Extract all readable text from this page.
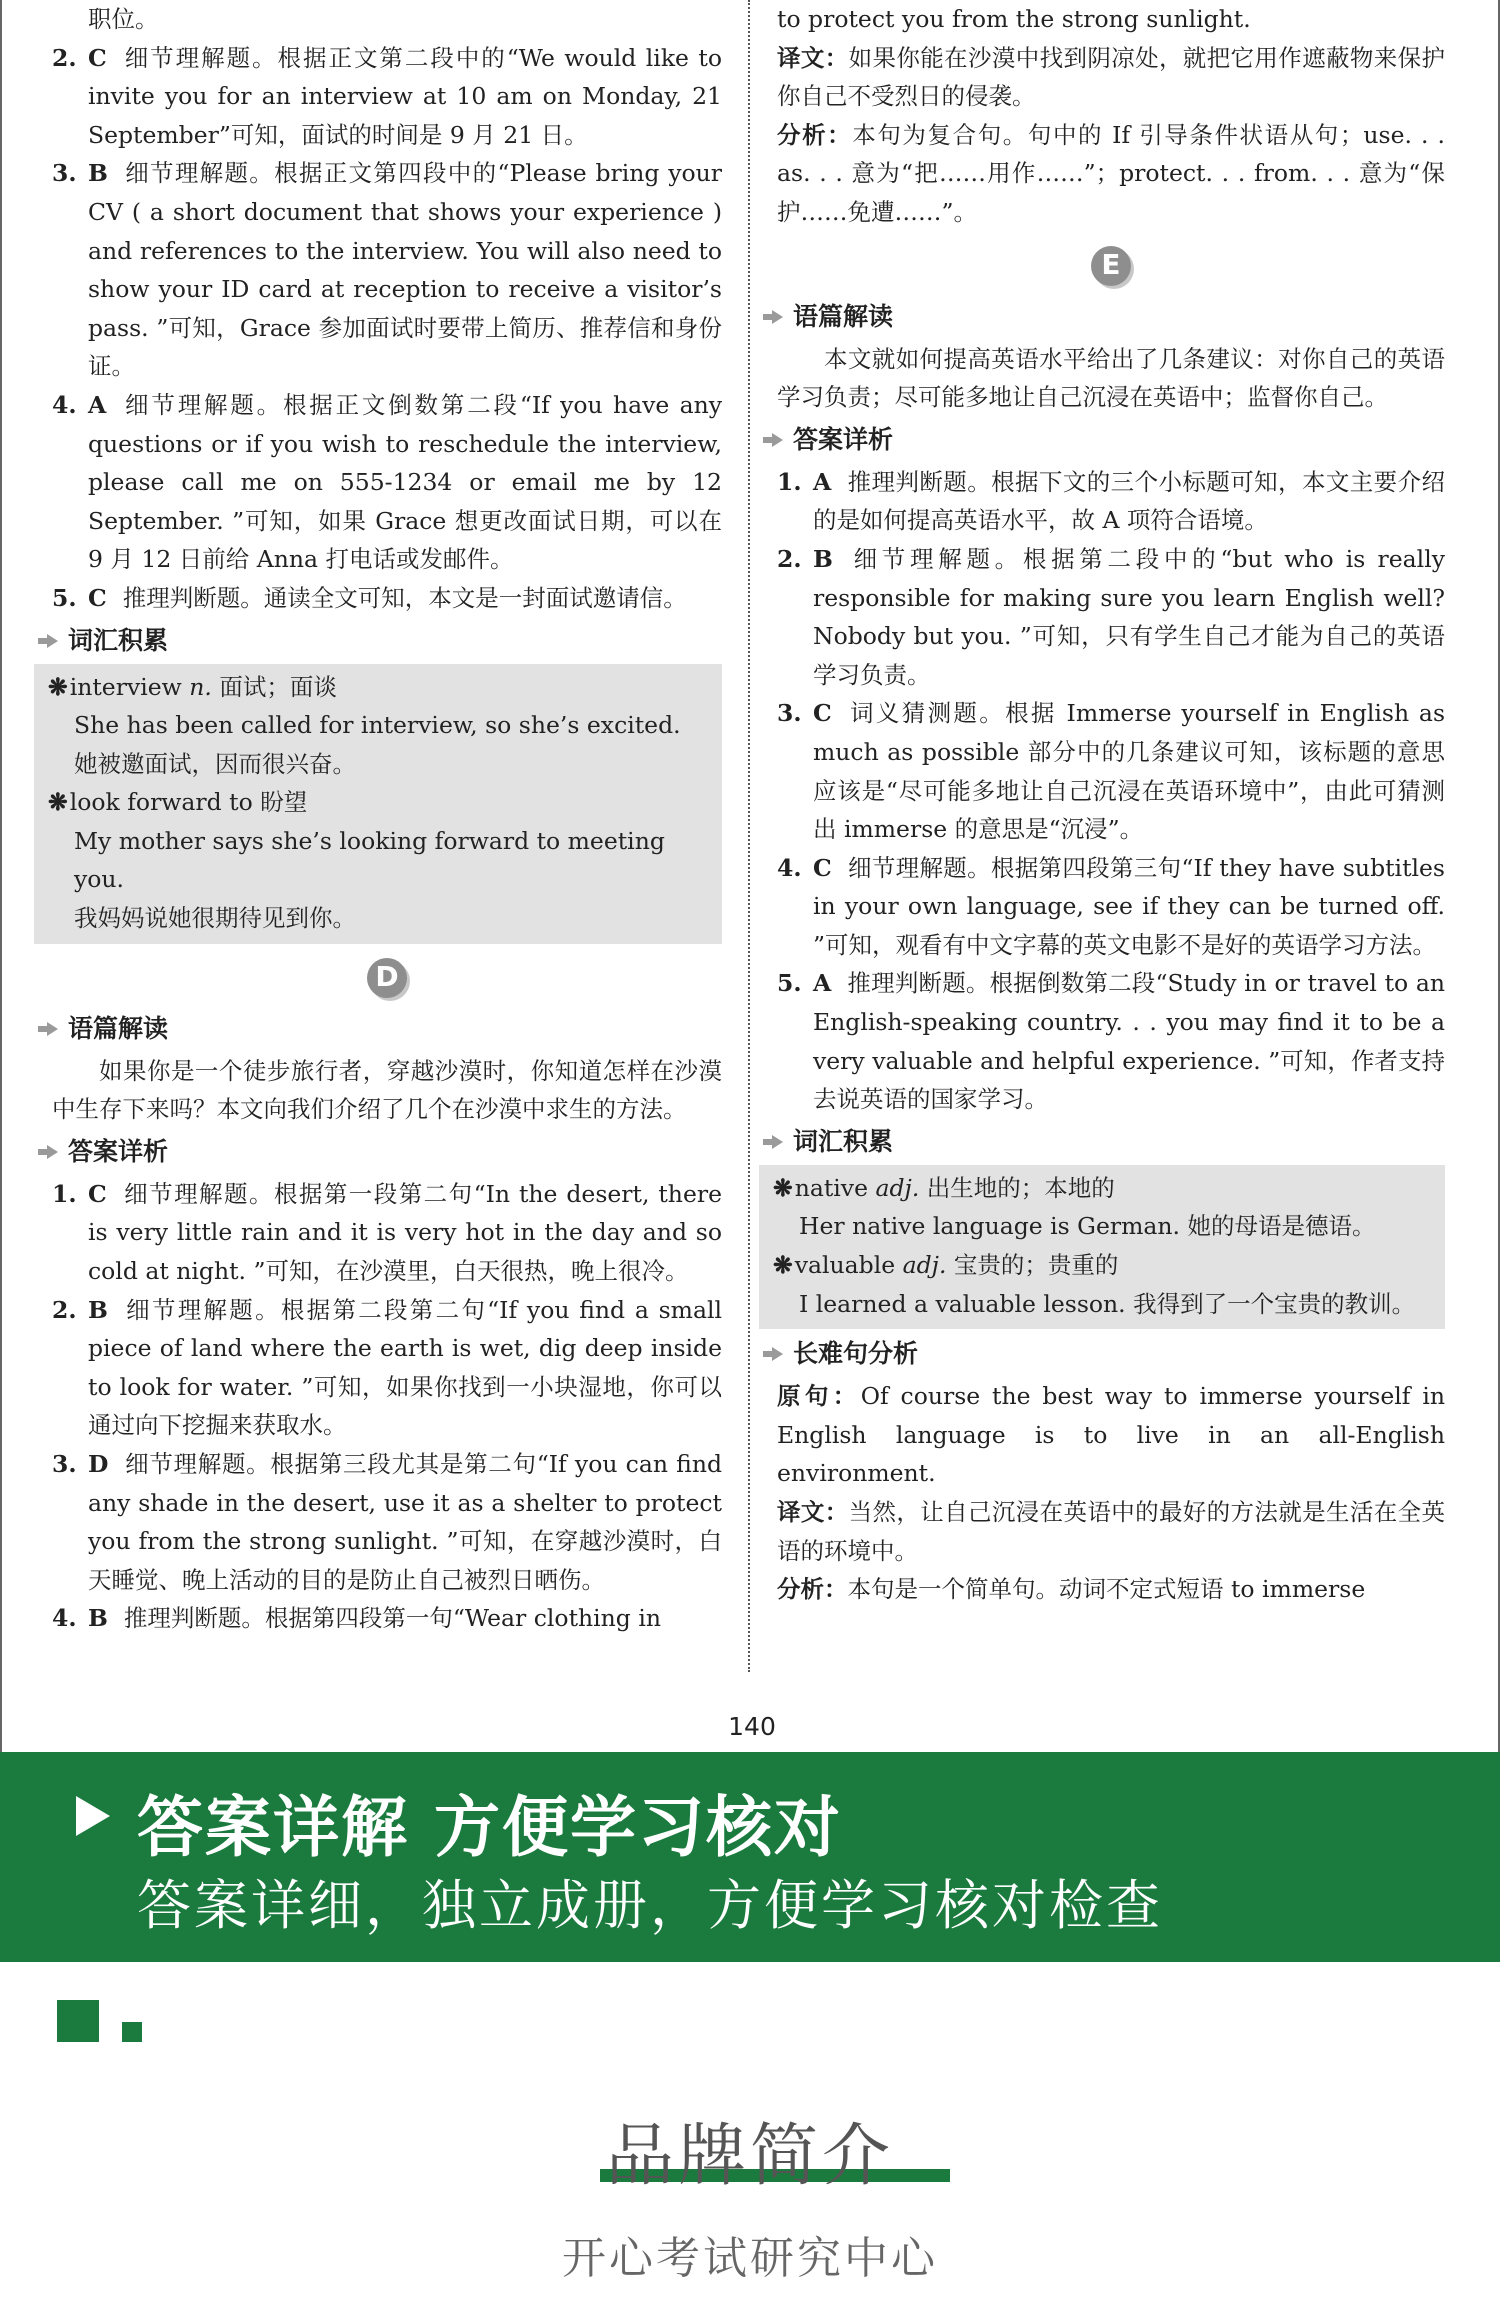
职位。
2. C 细节理解题。根据正文第二段中的“We would like to invite you for an interview at 10 am on Monday, 21 September”可知，面试的时间是 9 月 21 日。
3. B 细节理解题。根据正文第四段中的“Please bring your CV ( a short document that shows your experience ) and references to the interview. You will also need to show your ID card at reception to receive a visitor’s pass. ”可知，Grace 参加面试时要带上简历、推荐信和身份证。
4. A 细节理解题。根据正文倒数第二段“If you have any questions or if you wish to reschedule the interview, please call me on 555-1234 or email me by 12 September. ”可知，如果 Grace 想更改面试日期，可以在 9 月 12 日前给 Anna 打电话或发邮件。
5. C 推理判断题。通读全文可知，本文是一封面试邀请信。
词汇积累
❋interview n. 面试；面谈
She has been called for interview, so she’s excited.
她被邀面试，因而很兴奋。
❋look forward to 盼望
My mother says she’s looking forward to meeting you.
我妈妈说她很期待见到你。
D
语篇解读
如果你是一个徒步旅行者，穿越沙漠时，你知道怎样在沙漠中生存下来吗？本文向我们介绍了几个在沙漠中求生的方法。
答案详析
1. C 细节理解题。根据第一段第二句“In the desert, there is very little rain and it is very hot in the day and so cold at night. ”可知，在沙漠里，白天很热，晚上很冷。
2. B 细节理解题。根据第二段第二句“If you find a small piece of land where the earth is wet, dig deep inside to look for water. ”可知，如果你找到一小块湿地，你可以通过向下挖掘来获取水。
3. D 细节理解题。根据第三段尤其是第二句“If you can find any shade in the desert, use it as a shelter to protect you from the strong sunlight. ”可知，在穿越沙漠时，白天睡觉、晚上活动的目的是防止自己被烈日晒伤。
4. B 推理判断题。根据第四段第一句“Wear clothing in
to protect you from the strong sunlight.
译文：如果你能在沙漠中找到阴凉处，就把它用作遮蔽物来保护你自己不受烈日的侵袭。
分析：本句为复合句。句中的 If 引导条件状语从句；use. . . as. . . 意为“把……用作……”；protect. . . from. . . 意为“保护……免遭……”。
E
语篇解读
本文就如何提高英语水平给出了几条建议：对你自己的英语学习负责；尽可能多地让自己沉浸在英语中；监督你自己。
答案详析
1. A 推理判断题。根据下文的三个小标题可知，本文主要介绍的是如何提高英语水平，故 A 项符合语境。
2. B 细节理解题。根据第二段中的“but who is really responsible for making sure you learn English well? Nobody but you. ”可知，只有学生自己才能为自己的英语学习负责。
3. C 词义猜测题。根据 Immerse yourself in English as much as possible 部分中的几条建议可知，该标题的意思应该是“尽可能多地让自己沉浸在英语环境中”，由此可猜测出 immerse 的意思是“沉浸”。
4. C 细节理解题。根据第四段第三句“If they have subtitles in your own language, see if they can be turned off. ”可知，观看有中文字幕的英文电影不是好的英语学习方法。
5. A 推理判断题。根据倒数第二段“Study in or travel to an English-speaking country. . . you may find it to be a very valuable and helpful experience. ”可知，作者支持去说英语的国家学习。
词汇积累
❋native adj. 出生地的；本地的
Her native language is German. 她的母语是德语。
❋valuable adj. 宝贵的；贵重的
I learned a valuable lesson. 我得到了一个宝贵的教训。
长难句分析
原句：Of course the best way to immerse yourself in English language is to live in an all-English environment.
译文：当然，让自己沉浸在英语中的最好的方法就是生活在全英语的环境中。
分析：本句是一个简单句。动词不定式短语 to immerse
140
答案详解 方便学习核对
答案详细，独立成册，方便学习核对检查
品牌简介
开心考试研究中心
